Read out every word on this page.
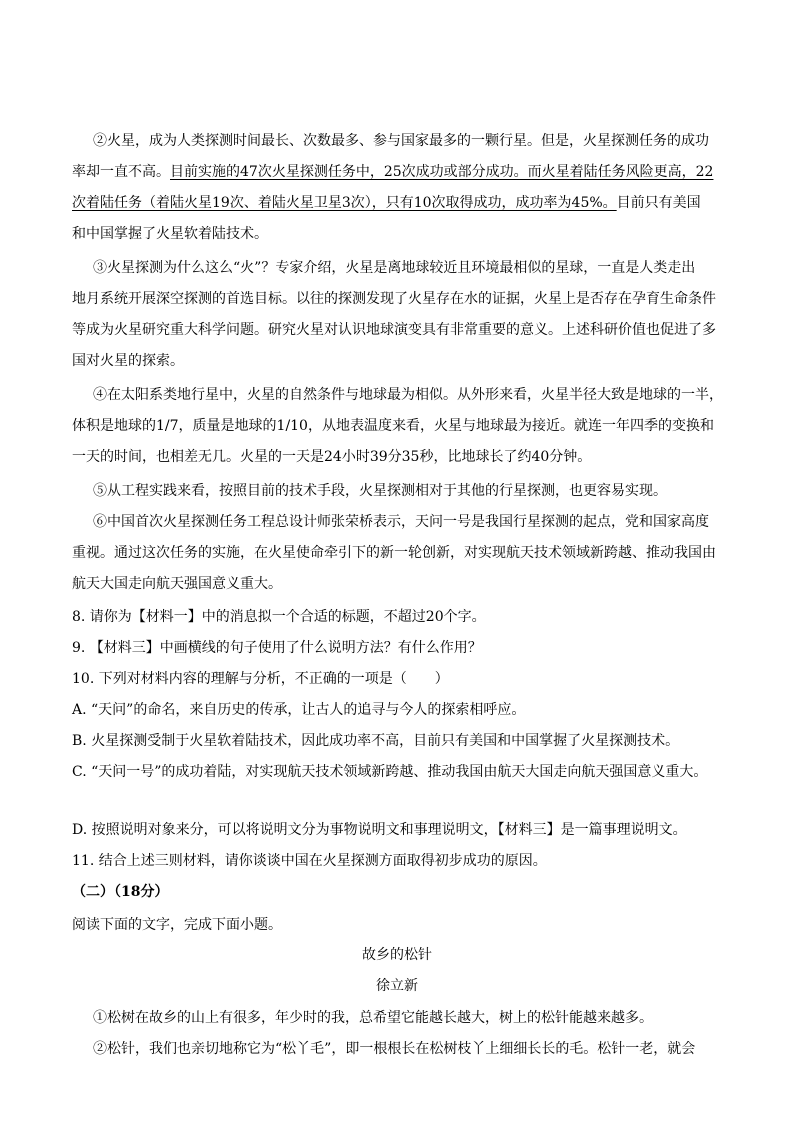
②火星，成为人类探测时间最长、次数最多、参与国家最多的一颗行星。但是，火星探测任务的成功
率却一直不高。目前实施的47次火星探测任务中，25次成功或部分成功。而火星着陆任务风险更高，22
次着陆任务（着陆火星19次、着陆火星卫星3次），只有10次取得成功，成功率为45%。目前只有美国
和中国掌握了火星软着陆技术。
③火星探测为什么这么“火”？专家介绍，火星是离地球较近且环境最相似的星球，一直是人类走出
地月系统开展深空探测的首选目标。以往的探测发现了火星存在水的证据，火星上是否存在孕育生命条件
等成为火星研究重大科学问题。研究火星对认识地球演变具有非常重要的意义。上述科研价值也促进了多
国对火星的探索。
④在太阳系类地行星中，火星的自然条件与地球最为相似。从外形来看，火星半径大致是地球的一半，
体积是地球的1/7，质量是地球的1/10，从地表温度来看，火星与地球最为接近。就连一年四季的变换和
一天的时间，也相差无几。火星的一天是24小时39分35秒，比地球长了约40分钟。
⑤从工程实践来看，按照目前的技术手段，火星探测相对于其他的行星探测，也更容易实现。
⑥中国首次火星探测任务工程总设计师张荣桥表示，天问一号是我国行星探测的起点，党和国家高度
重视。通过这次任务的实施，在火星使命牵引下的新一轮创新，对实现航天技术领域新跨越、推动我国由
航天大国走向航天强国意义重大。
8. 请你为【材料一】中的消息拟一个合适的标题，不超过20个字。
9. 【材料三】中画横线的句子使用了什么说明方法？有什么作用？
10. 下列对材料内容的理解与分析，不正确的一项是（　　）
A. “天问”的命名，来自历史的传承，让古人的追寻与今人的探索相呼应。
B. 火星探测受制于火星软着陆技术，因此成功率不高，目前只有美国和中国掌握了火星探测技术。
C. “天问一号”的成功着陆，对实现航天技术领域新跨越、推动我国由航天大国走向航天强国意义重大。
D. 按照说明对象来分，可以将说明文分为事物说明文和事理说明文，【材料三】是一篇事理说明文。
11. 结合上述三则材料，请你谈谈中国在火星探测方面取得初步成功的原因。
（二）（18分）
阅读下面的文字，完成下面小题。
故乡的松针
徐立新
①松树在故乡的山上有很多，年少时的我，总希望它能越长越大，树上的松针能越来越多。
②松针，我们也亲切地称它为“松丫毛”，即一根根长在松树枝丫上细细长长的毛。松针一老，就会
